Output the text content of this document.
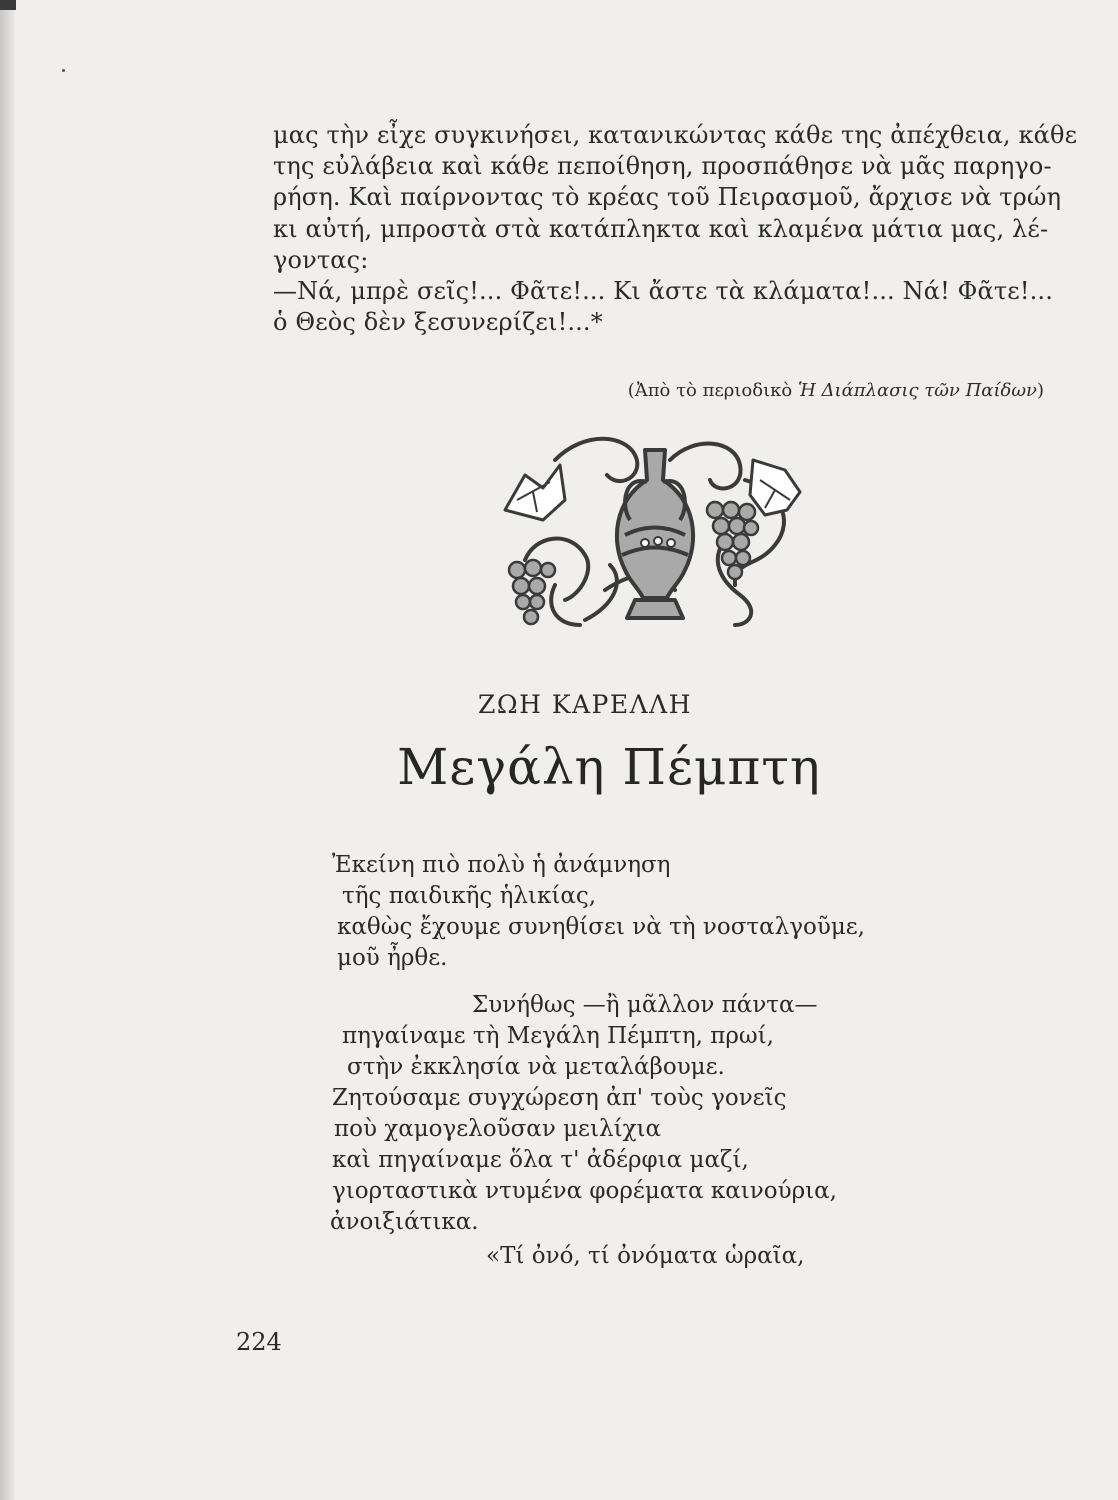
μας τὴν εἶχε συγκινήσει, κατανικώντας κάθε της ἀπέχθεια, κάθε
της εὐλάβεια καὶ κάθε πεποίθηση, προσπάθησε νὰ μᾶς παρηγο-
ρήση. Καὶ παίρνοντας τὸ κρέας τοῦ Πειρασμοῦ, ἄρχισε νὰ τρώη
κι αὐτή, μπροστὰ στὰ κατάπληκτα καὶ κλαμένα μάτια μας, λέ-
γοντας:
—Νά, μπρὲ σεῖς!... Φᾶτε!... Κι ἄστε τὰ κλάματα!... Νά! Φᾶτε!...
ὁ Θεὸς δὲν ξεσυνερίζει!...*
(Ἀπὸ τὸ περιοδικὸ Ἡ Διάπλασις τῶν Παίδων)
ΖΩΗ ΚΑΡΕΛΛΗ
Μεγάλη Πέμπτη
Ἐκείνη πιὸ πολὺ ἡ ἀνάμνηση
τῆς παιδικῆς ἡλικίας,
καθὼς ἔχουμε συνηθίσει νὰ τὴ νοσταλγοῦμε,
μοῦ ἦρθε.
Συνήθως —ἢ μᾶλλον πάντα—
πηγαίναμε τὴ Μεγάλη Πέμπτη, πρωί,
στὴν ἐκκλησία νὰ μεταλάβουμε.
Ζητούσαμε συγχώρεση ἀπ' τοὺς γονεῖς
ποὺ χαμογελοῦσαν μειλίχια
καὶ πηγαίναμε ὅλα τ' ἀδέρφια μαζί,
γιορταστικὰ ντυμένα φορέματα καινούρια,
ἀνοιξιάτικα.
«Τί ὀνό, τί ὀνόματα ὡραῖα,
224
